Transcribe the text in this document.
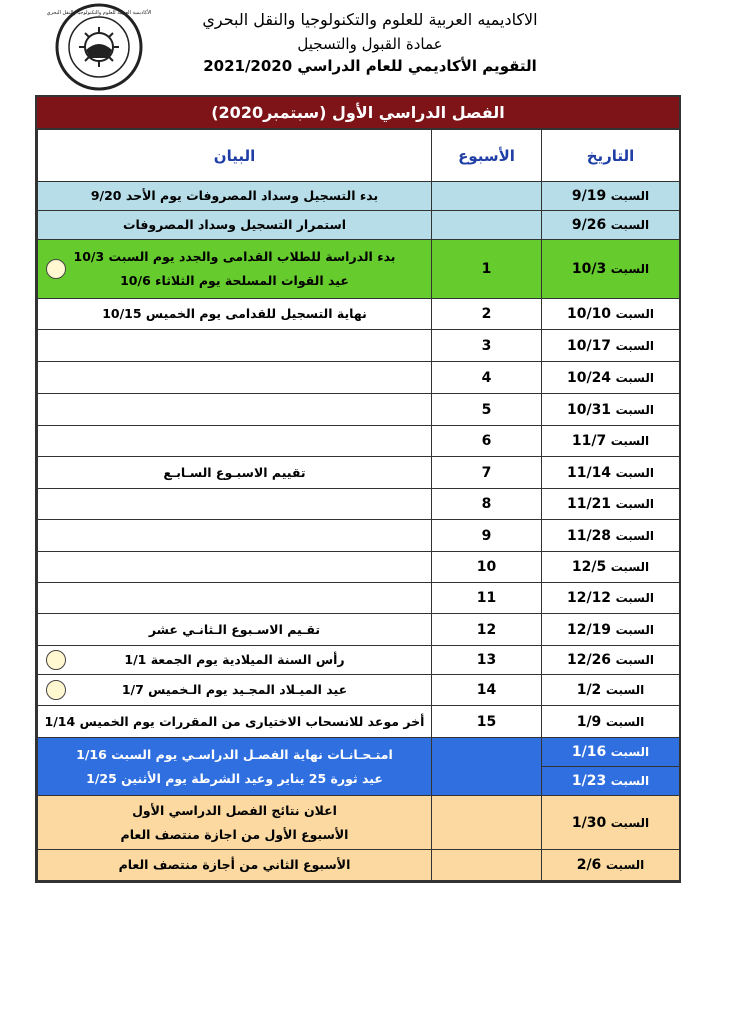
الأكاديمية العربية للعلوم والتكنولوجيا والنقل البحري	الاكاديميه العربية للعلوم والتكنولوجيا والنقل البحري
عمادة القبول والتسجيل
التقويم الأكاديمي للعام الدراسي 2021/2020
الفصل الدراسي الأول (سبتمبر2020)
البيان	الأسبوع	التاريخ

بدء التسجيل وسداد المصروفات يوم الأحد 9/20		السبت 9/19

استمرار التسجيل وسداد المصروفات		السبت 9/26

بدء الدراسة للطلاب القدامى والجدد يوم السبت 10/3
عيد القوات المسلحة يوم الثلاثاء 10/6	1	السبت 10/3

نهاية التسجيل للقدامى يوم الخميس 10/15	2	السبت 10/10

	3	السبت 10/17

	4	السبت 10/24

	5	السبت 10/31

	6	السبت 11/7

تقييم الاسبـوع السـابـع	7	السبت 11/14

	8	السبت 11/21

	9	السبت 11/28

	10	السبت 12/5

	11	السبت 12/12

تقـيم الاسـبوع الـثانـي عشر	12	السبت 12/19

رأس السنة الميلادية يوم الجمعة 1/1	13	السبت 12/26

عيد الميـلاد المجـيد يوم الـخميس 1/7	14	السبت 1/2

أخر موعد للانسحاب الاختيارى من المقررات يوم الخميس 1/14	15	السبت 1/9

امتـحـانـات نهاية الفصـل الدراسـي يوم السبت 1/16
عيد ثورة 25 يناير وعيد الشرطة يوم الأثنين 1/25		السبت 1/16
		السبت 1/23

اعلان نتائج الفصل الدراسي الأول
الأسبوع الأول من اجازة منتصف العام		السبت 1/30

الأسبوع الثاني من أجازة منتصف العام		السبت 2/6
